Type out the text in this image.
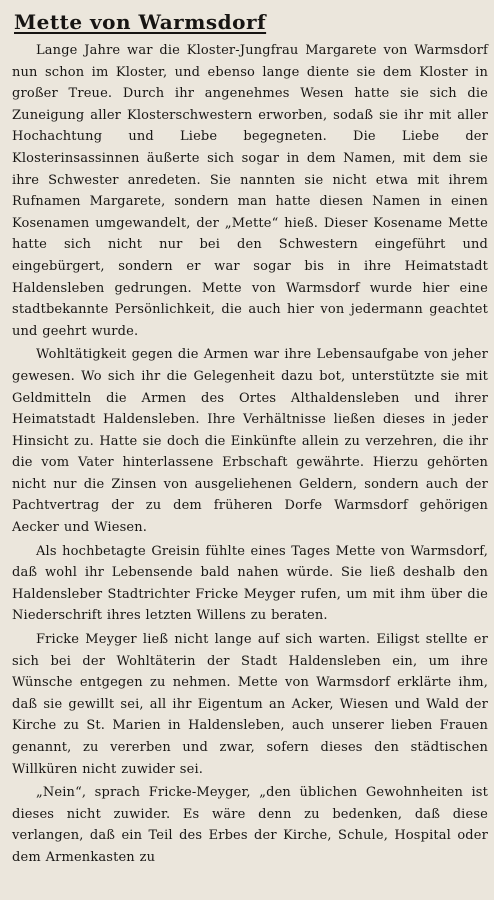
Mette von Warmsdorf

Lange Jahre war die Kloster-Jungfrau Margarete von Warmsdorf nun schon im Kloster, und ebenso lange diente sie dem Kloster in großer Treue. Durch ihr angenehmes Wesen hatte sie sich die Zuneigung aller Klosterschwestern erworben, sodaß sie ihr mit aller Hochachtung und Liebe begegneten. Die Liebe der Klosterinsassinnen äußerte sich sogar in dem Namen, mit dem sie ihre Schwester anredeten. Sie nannten sie nicht etwa mit ihrem Rufnamen Margarete, sondern man hatte diesen Namen in einen Kosenamen umgewandelt, der „Mette“ hieß. Dieser Kosename Mette hatte sich nicht nur bei den Schwestern eingeführt und eingebürgert, sondern er war sogar bis in ihre Heimatstadt Haldensleben gedrungen. Mette von Warmsdorf wurde hier eine stadtbekannte Persönlichkeit, die auch hier von jedermann geachtet und geehrt wurde.

Wohltätigkeit gegen die Armen war ihre Lebensaufgabe von jeher gewesen. Wo sich ihr die Gelegenheit dazu bot, unterstützte sie mit Geldmitteln die Armen des Ortes Althaldensleben und ihrer Heimatstadt Haldensleben. Ihre Verhältnisse ließen dieses in jeder Hinsicht zu. Hatte sie doch die Einkünfte allein zu verzehren, die ihr die vom Vater hinterlassene Erbschaft gewährte. Hierzu gehörten nicht nur die Zinsen von ausgeliehenen Geldern, sondern auch der Pachtvertrag der zu dem früheren Dorfe Warmsdorf gehörigen Aecker und Wiesen.

Als hochbetagte Greisin fühlte eines Tages Mette von Warmsdorf, daß wohl ihr Lebensende bald nahen würde. Sie ließ deshalb den Haldensleber Stadtrichter Fricke Meyger rufen, um mit ihm über die Niederschrift ihres letzten Willens zu beraten.

Fricke Meyger ließ nicht lange auf sich warten. Eiligst stellte er sich bei der Wohltäterin der Stadt Haldensleben ein, um ihre Wünsche entgegen zu nehmen. Mette von Warmsdorf erklärte ihm, daß sie gewillt sei, all ihr Eigentum an Acker, Wiesen und Wald der Kirche zu St. Marien in Haldensleben, auch unserer lieben Frauen genannt, zu vererben und zwar, sofern dieses den städtischen Willküren nicht zuwider sei.

„Nein“, sprach Fricke-Meyger, „den üblichen Gewohnheiten ist dieses nicht zuwider. Es wäre denn zu bedenken, daß diese verlangen, daß ein Teil des Erbes der Kirche, Schule, Hospital oder dem Armenkasten zu
